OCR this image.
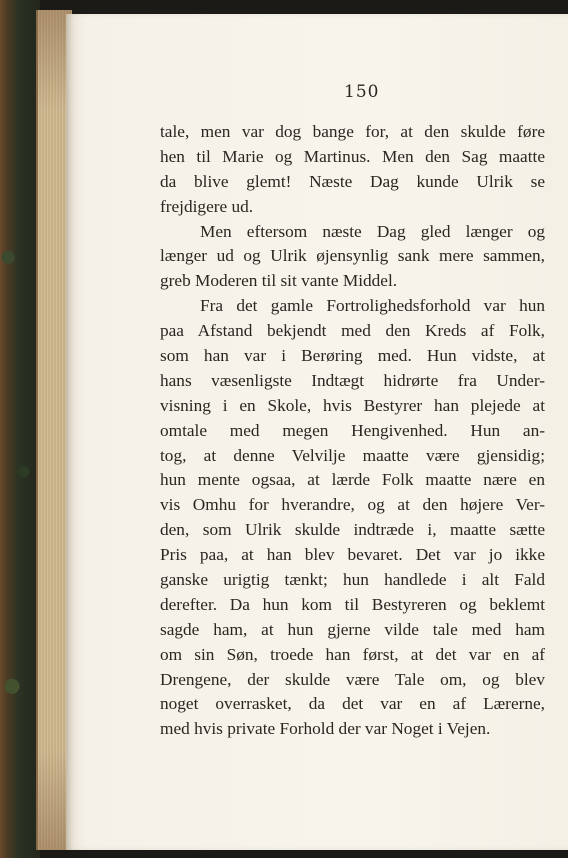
150
tale, men var dog bange for, at den skulde føre
hen til Marie og Martinus. Men den Sag maatte
da blive glemt! Næste Dag kunde Ulrik se
frejdigere ud.
Men eftersom næste Dag gled længer og
længer ud og Ulrik øjensynlig sank mere sammen,
greb Moderen til sit vante Middel.
Fra det gamle Fortrolighedsforhold var hun
paa Afstand bekjendt med den Kreds af Folk,
som han var i Berøring med. Hun vidste, at
hans væsenligste Indtægt hidrørte fra Under-
visning i en Skole, hvis Bestyrer han plejede at
omtale med megen Hengivenhed. Hun an-
tog, at denne Velvilje maatte være gjensidig;
hun mente ogsaa, at lærde Folk maatte nære en
vis Omhu for hverandre, og at den højere Ver-
den, som Ulrik skulde indtræde i, maatte sætte
Pris paa, at han blev bevaret. Det var jo ikke
ganske urigtig tænkt; hun handlede i alt Fald
derefter. Da hun kom til Bestyreren og beklemt
sagde ham, at hun gjerne vilde tale med ham
om sin Søn, troede han først, at det var en af
Drengene, der skulde være Tale om, og blev
noget overrasket, da det var en af Lærerne,
med hvis private Forhold der var Noget i Vejen.
